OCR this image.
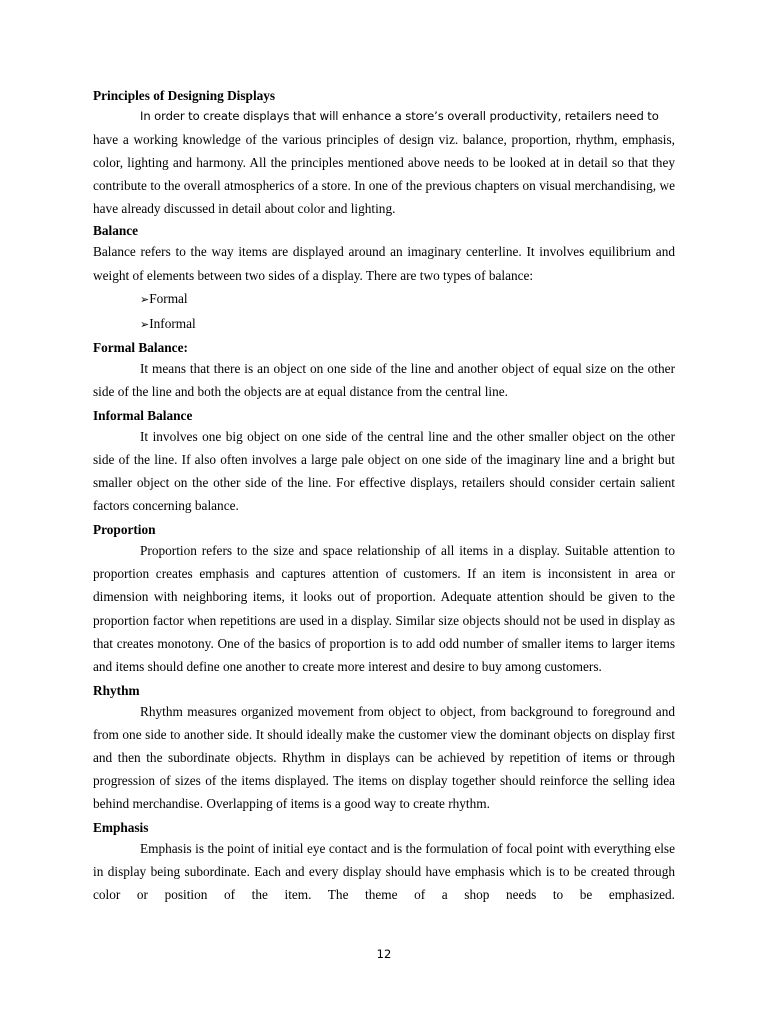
Principles of Designing Displays

In order to create displays that will enhance a store’s overall productivity, retailers need to
have a working knowledge of the various principles of design viz. balance, proportion, rhythm, emphasis, color, lighting and harmony. All the principles mentioned above needs to be looked at in detail so that they contribute to the overall atmospherics of a store. In one of the previous chapters on visual merchandising, we have already discussed in detail about color and lighting.

Balance

Balance refers to the way items are displayed around an imaginary centerline. It involves equilibrium and weight of elements between two sides of a display. There are two types of balance:

➢Formal
➢Informal
Formal Balance:

It means that there is an object on one side of the line and another object of equal size on the other side of the line and both the objects are at equal distance from the central line.

Informal Balance

It involves one big object on one side of the central line and the other smaller object on the other side of the line. If also often involves a large pale object on one side of the imaginary line and a bright but smaller object on the other side of the line. For effective displays, retailers should consider certain salient factors concerning balance.

Proportion

Proportion refers to the size and space relationship of all items in a display. Suitable attention to proportion creates emphasis and captures attention of customers. If an item is inconsistent in area or dimension with neighboring items, it looks out of proportion. Adequate attention should be given to the proportion factor when repetitions are used in a display. Similar size objects should not be used in display as that creates monotony. One of the basics of proportion is to add odd number of smaller items to larger items and items should define one another to create more interest and desire to buy among customers.

Rhythm

Rhythm measures organized movement from object to object, from background to foreground and from one side to another side. It should ideally make the customer view the dominant objects on display first and then the subordinate objects. Rhythm in displays can be achieved by repetition of items or through progression of sizes of the items displayed. The items on display together should reinforce the selling idea behind merchandise. Overlapping of items is a good way to create rhythm.

Emphasis

Emphasis is the point of initial eye contact and is the formulation of focal point with everything else in display being subordinate. Each and every display should have emphasis which is to be created through color or position of the item. The theme of a shop needs to be emphasized.

12
